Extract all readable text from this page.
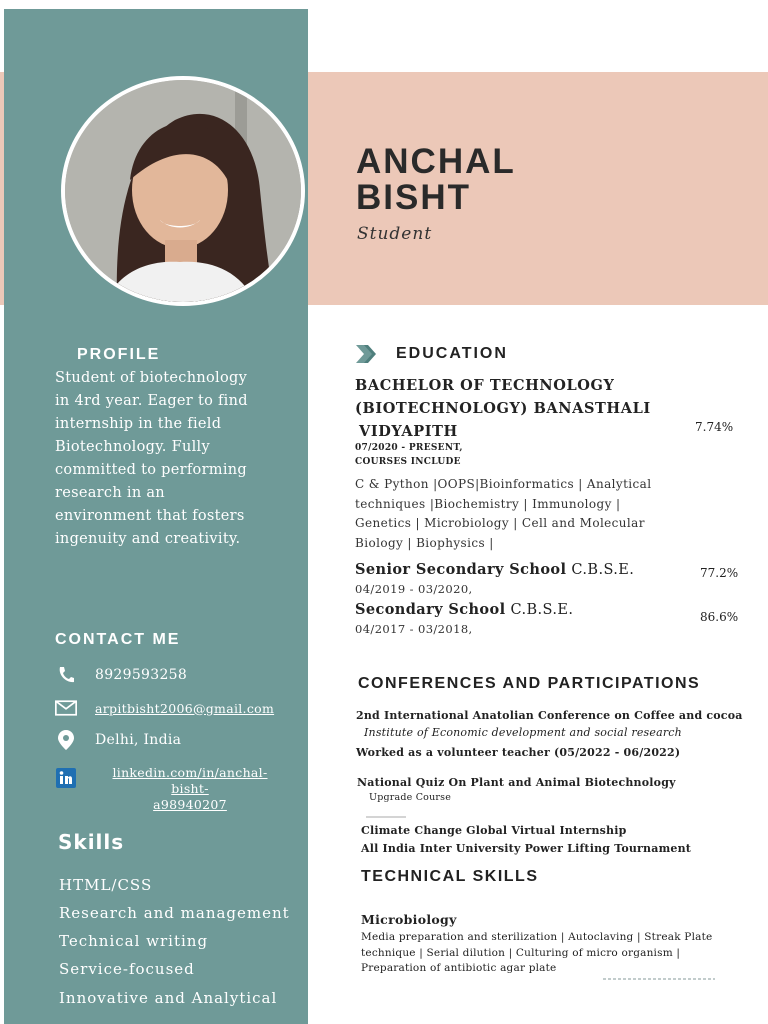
ANCHAL
BISHT
Student
PROFILE
Student of biotechnology in 4rd year. Eager to find internship in the field Biotechnology. Fully committed to performing research in an environment that fosters ingenuity and creativity.
CONTACT ME
8929593258
arpitbisht2006@gmail.com
Delhi, India
linkedin.com/in/anchal-bisht-
a98940207
Skills
HTML/CSS
Research and management
Technical writing
Service-focused
Innovative and Analytical
EDUCATION
BACHELOR OF TECHNOLOGY
(BIOTECHNOLOGY) BANASTHALI
VIDYAPITH	7.74%
07/2020 - PRESENT,
COURSES INCLUDE
C & Python |OOPS|Bioinformatics | Analytical techniques |Biochemistry | Immunology | Genetics | Microbiology | Cell and Molecular Biology | Biophysics |
Senior Secondary School C.B.S.E.	77.2%
04/2019 - 03/2020,
Secondary School C.B.S.E.	86.6%
04/2017 - 03/2018,
CONFERENCES AND PARTICIPATIONS
2nd International Anatolian Conference on Coffee and cocoa
Institute of Economic development and social research
Worked as a volunteer teacher (05/2022 - 06/2022)
National Quiz On Plant and Animal Biotechnology
Upgrade Course
Climate Change Global Virtual Internship
All India Inter University Power Lifting Tournament
TECHNICAL SKILLS
Microbiology
Media preparation and sterilization | Autoclaving | Streak Plate technique | Serial dilution | Culturing of micro organism | Preparation of antibiotic agar plate
